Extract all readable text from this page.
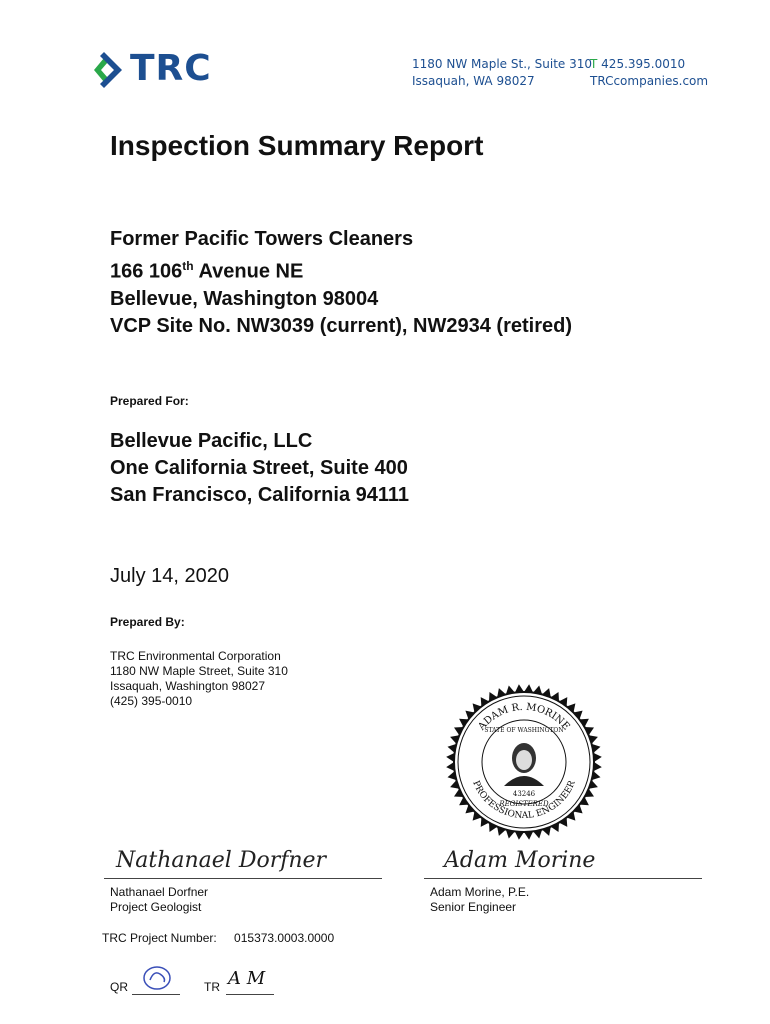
TRC	1180 NW Maple St., Suite 310
Issaquah, WA 98027
T 425.395.0010
TRCcompanies.com
Inspection Summary Report
Former Pacific Towers Cleaners
166 106th Avenue NE
Bellevue, Washington 98004
VCP Site No. NW3039 (current), NW2934 (retired)
Prepared For:
Bellevue Pacific, LLC
One California Street, Suite 400
San Francisco, California 94111
July 14, 2020
Prepared By:
TRC Environmental Corporation
1180 NW Maple Street, Suite 310
Issaquah, Washington 98027
(425) 395-0010
ADAM R. MORINE
PROFESSIONAL ENGINEER
STATE OF WASHINGTON
43246
REGISTERED
Nathanael Dorfner
Nathanael Dorfner
Project Geologist
Adam Morine
Adam Morine, P.E.
Senior Engineer
TRC Project Number: 015373.0003.0000
QR	TR A M
